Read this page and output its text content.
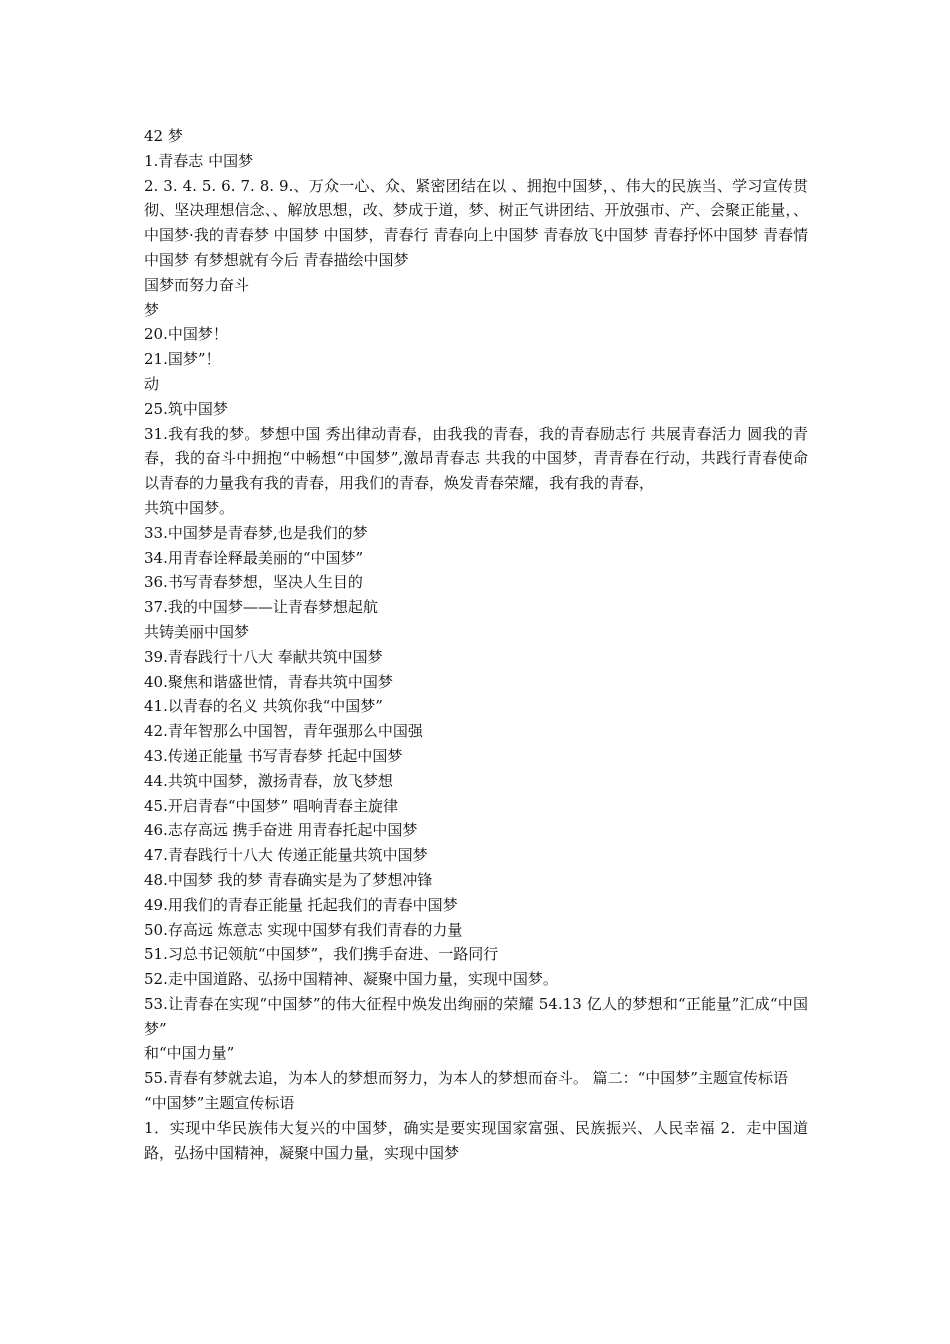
42 梦

1.青春志 中国梦

2. 3. 4. 5. 6. 7. 8. 9.、万众一心、众、紧密团结在以 、拥抱中国梦，、伟大的民族当、学习宣传贯彻、坚决理想信念、、解放思想，改、梦成于道，梦、树正气讲团结、开放强市、产、会聚正能量，、中国梦·我的青春梦 中国梦 中国梦，青春行 青春向上中国梦 青春放飞中国梦 青春抒怀中国梦 青春情 中国梦 有梦想就有今后 青春描绘中国梦

国梦而努力奋斗

梦

20.中国梦！

21.国梦”！

动

25.筑中国梦

31.我有我的梦。梦想中国 秀出律动青春，由我我的青春，我的青春励志行 共展青春活力 圆我的青春，我的奋斗中拥抱“中畅想“中国梦”,激昂青春志 共我的中国梦，青青春在行动，共践行青春使命 以青春的力量我有我的青春，用我们的青春，焕发青春荣耀，我有我的青春，

共筑中国梦。

33.中国梦是青春梦,也是我们的梦

34.用青春诠释最美丽的“中国梦”

36.书写青春梦想，坚决人生目的

37.我的中国梦——让青春梦想起航

共铸美丽中国梦

39.青春践行十八大 奉献共筑中国梦

40.聚焦和谐盛世情，青春共筑中国梦

41.以青春的名义 共筑你我“中国梦”

42.青年智那么中国智，青年强那么中国强

43.传递正能量 书写青春梦 托起中国梦

44.共筑中国梦，激扬青春，放飞梦想

45.开启青春“中国梦” 唱响青春主旋律

46.志存高远 携手奋进 用青春托起中国梦

47.青春践行十八大 传递正能量共筑中国梦

48.中国梦 我的梦 青春确实是为了梦想冲锋

49.用我们的青春正能量 托起我们的青春中国梦

50.存高远 炼意志 实现中国梦有我们青春的力量

51.习总书记领航“中国梦”，我们携手奋进、一路同行

52.走中国道路、弘扬中国精神、凝聚中国力量，实现中国梦。

53.让青春在实现“中国梦”的伟大征程中焕发出绚丽的荣耀 54.13 亿人的梦想和“正能量”汇成“中国梦”

和“中国力量”

55.青春有梦就去追，为本人的梦想而努力，为本人的梦想而奋斗。 篇二：“中国梦”主题宣传标语

“中国梦”主题宣传标语

1．实现中华民族伟大复兴的中国梦，确实是要实现国家富强、民族振兴、人民幸福 2．走中国道路，弘扬中国精神，凝聚中国力量，实现中国梦
